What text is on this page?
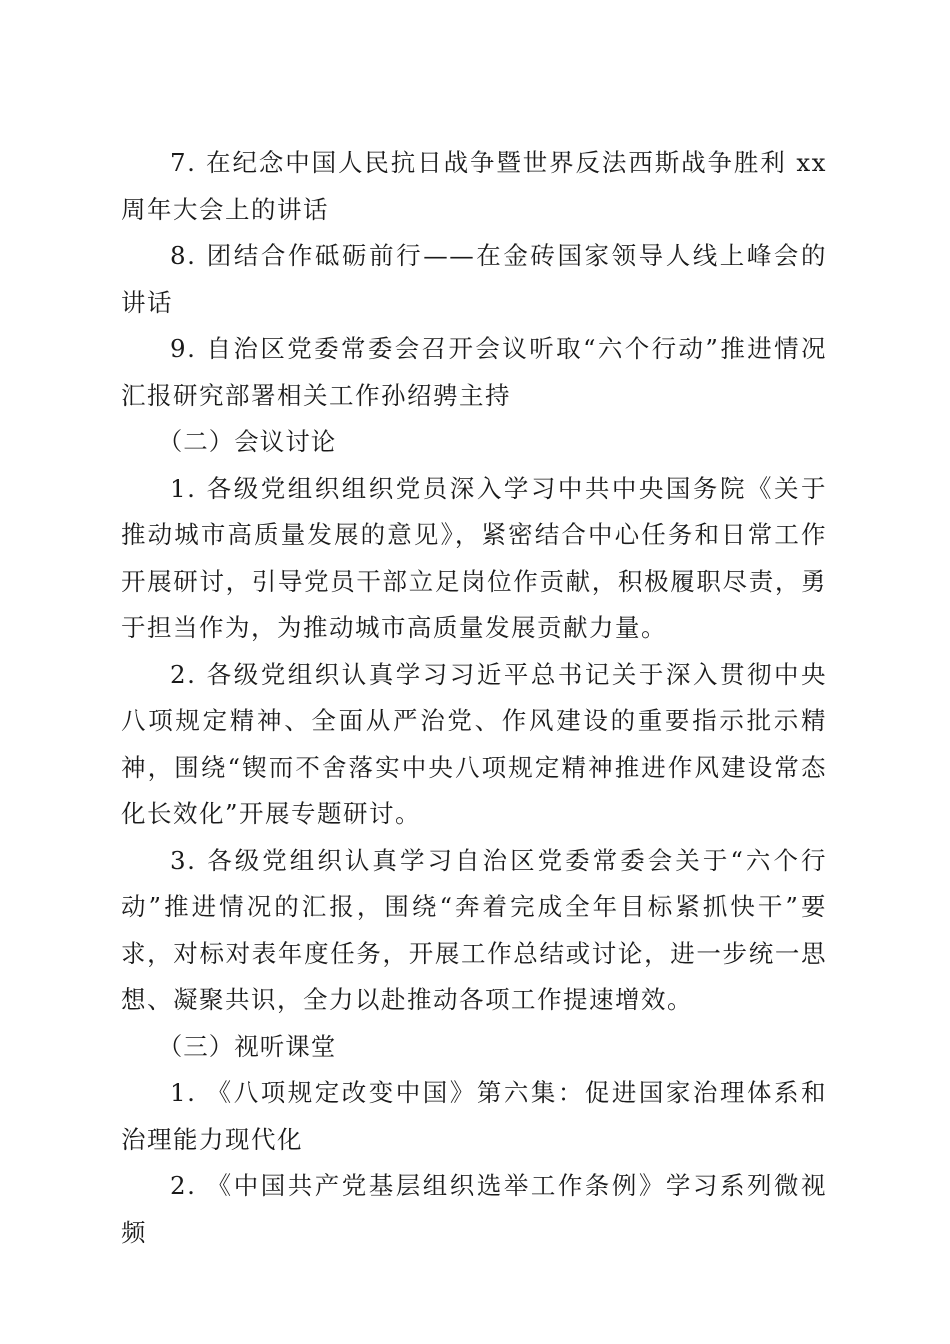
7. 在纪念中国人民抗日战争暨世界反法西斯战争胜利 xx 周年大会上的讲话

8. 团结合作砥砺前行——在金砖国家领导人线上峰会的讲话

9. 自治区党委常委会召开会议听取“六个行动”推进情况汇报研究部署相关工作孙绍骋主持

（二）会议讨论

1. 各级党组织组织党员深入学习中共中央国务院《关于推动城市高质量发展的意见》，紧密结合中心任务和日常工作开展研讨，引导党员干部立足岗位作贡献，积极履职尽责，勇于担当作为，为推动城市高质量发展贡献力量。

2. 各级党组织认真学习习近平总书记关于深入贯彻中央八项规定精神、全面从严治党、作风建设的重要指示批示精神，围绕“锲而不舍落实中央八项规定精神推进作风建设常态化长效化”开展专题研讨。

3. 各级党组织认真学习自治区党委常委会关于“六个行动”推进情况的汇报，围绕“奔着完成全年目标紧抓快干”要求，对标对表年度任务，开展工作总结或讨论，进一步统一思想、凝聚共识，全力以赴推动各项工作提速增效。

（三）视听课堂

1. 《八项规定改变中国》第六集：促进国家治理体系和治理能力现代化

2. 《中国共产党基层组织选举工作条例》学习系列微视频
